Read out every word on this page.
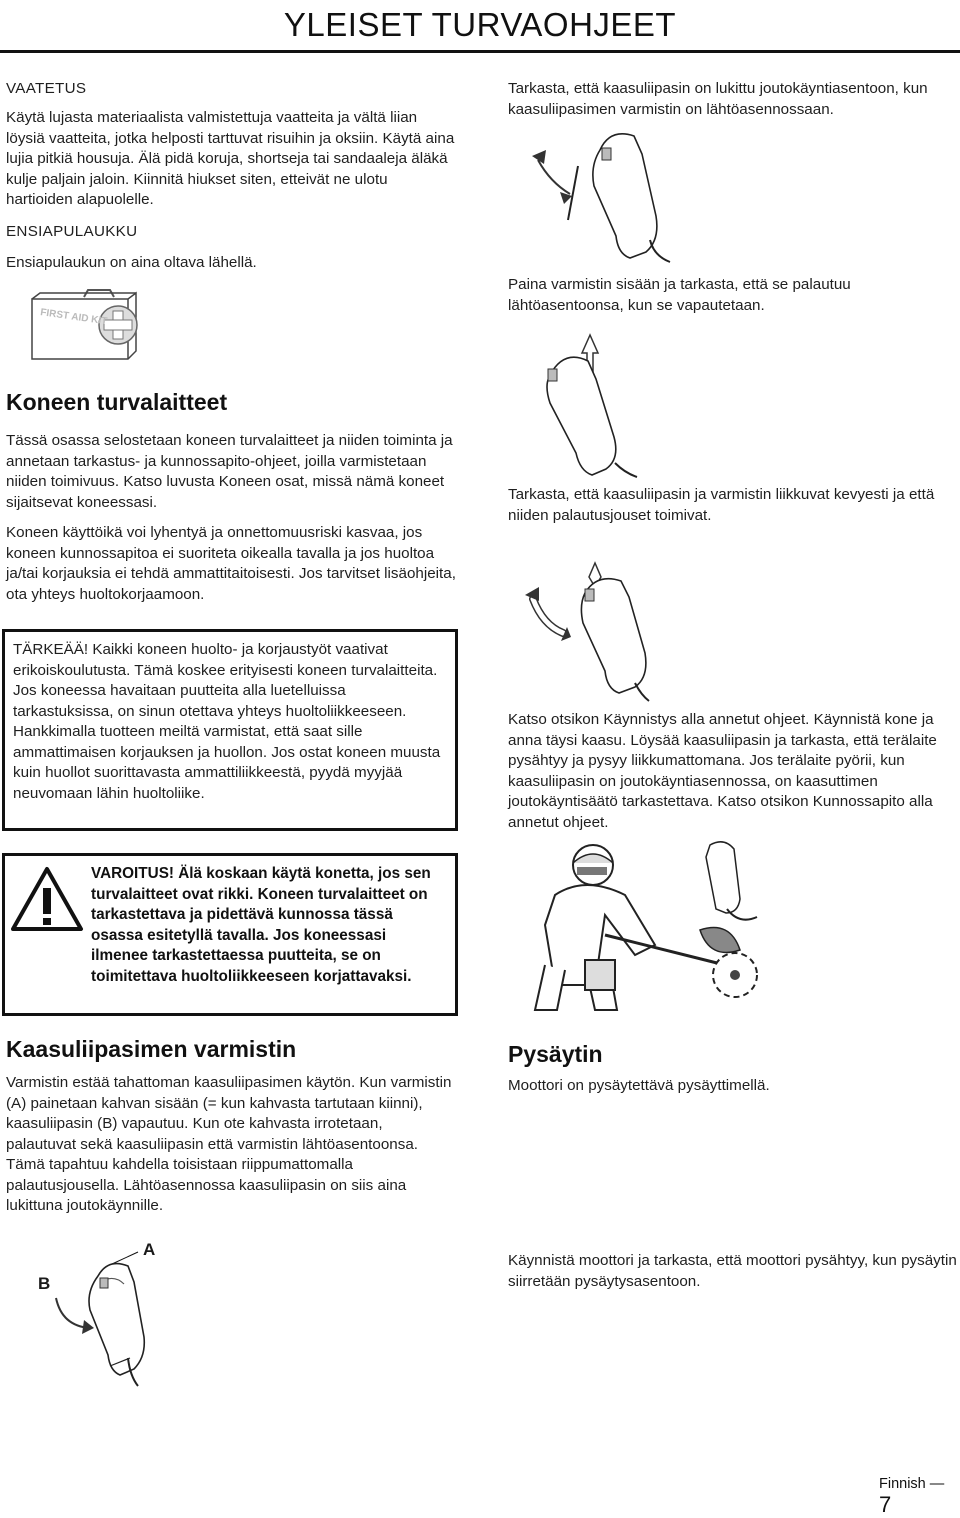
YLEISET TURVAOHJEET
VAATETUS

Käytä lujasta materiaalista valmistettuja vaatteita ja vältä liian löysiä vaatteita, jotka helposti tarttuvat risuihin ja oksiin. Käytä aina lujia pitkiä housuja. Älä pidä koruja, shortseja tai sandaaleja äläkä kulje paljain jaloin. Kiinnitä hiukset siten, etteivät ne ulotu hartioiden alapuolelle.

ENSIAPULAUKKU

Ensiapulaukun on aina oltava lähellä.

FIRST AID KIT
Koneen turvalaitteet

Tässä osassa selostetaan koneen turvalaitteet ja niiden toiminta ja annetaan tarkastus- ja kunnossapito-ohjeet, joilla varmistetaan niiden toimivuus. Katso luvusta Koneen osat, missä nämä koneet sijaitsevat koneessasi.

Koneen käyttöikä voi lyhentyä ja onnettomuusriski kasvaa, jos koneen kunnossapitoa ei suoriteta oikealla tavalla ja jos huoltoa ja/tai korjauksia ei tehdä ammattitaitoisesti. Jos tarvitset lisäohjeita, ota yhteys huoltokorjaamoon.

TÄRKEÄÄ! Kaikki koneen huolto- ja korjaustyöt vaativat erikoiskoulutusta. Tämä koskee erityisesti koneen turvalaitteita. Jos koneessa havaitaan puutteita alla luetelluissa tarkastuksissa, on sinun otettava yhteys huoltoliikkeeseen. Hankkimalla tuotteen meiltä varmistat, että saat sille ammattimaisen korjauksen ja huollon. Jos ostat koneen muusta kuin huollot suorittavasta ammattiliikkeestä, pyydä myyjää neuvomaan lähin huoltoliike.

VAROITUS! Älä koskaan käytä konetta, jos sen turvalaitteet ovat rikki. Koneen turvalaitteet on tarkastettava ja pidettävä kunnossa tässä osassa esitetyllä tavalla. Jos koneessasi ilmenee tarkastettaessa puutteita, se on toimitettava huoltoliikkeeseen korjattavaksi.

Kaasuliipasimen varmistin

Varmistin estää tahattoman kaasuliipasimen käytön. Kun varmistin (A) painetaan kahvan sisään (= kun kahvasta tartutaan kiinni), kaasuliipasin (B) vapautuu. Kun ote kahvasta irrotetaan, palautuvat sekä kaasuliipasin että varmistin lähtöasentoonsa. Tämä tapahtuu kahdella toisistaan riippumattomalla palautusjousella. Lähtöasennossa kaasuliipasin on siis aina lukittuna joutokäynnille.

A
B

Tarkasta, että kaasuliipasin on lukittu joutokäyntiasentoon, kun kaasuliipasimen varmistin on lähtöasennossaan.

Paina varmistin sisään ja tarkasta, että se palautuu lähtöasentoonsa, kun se vapautetaan.

Tarkasta, että kaasuliipasin ja varmistin liikkuvat kevyesti ja että niiden palautusjouset toimivat.

Katso otsikon Käynnistys alla annetut ohjeet. Käynnistä kone ja anna täysi kaasu. Löysää kaasuliipasin ja tarkasta, että terälaite pysähtyy ja pysyy liikkumattomana. Jos terälaite pyörii, kun kaasuliipasin on joutokäyntiasennossa, on kaasuttimen joutokäyntisäätö tarkastettava. Katso otsikon Kunnossapito alla annetut ohjeet.

Pysäytin

Moottori on pysäytettävä pysäyttimellä.

Käynnistä moottori ja tarkasta, että moottori pysähtyy, kun pysäytin siirretään pysäytysasentoon.

Finnish — 7
